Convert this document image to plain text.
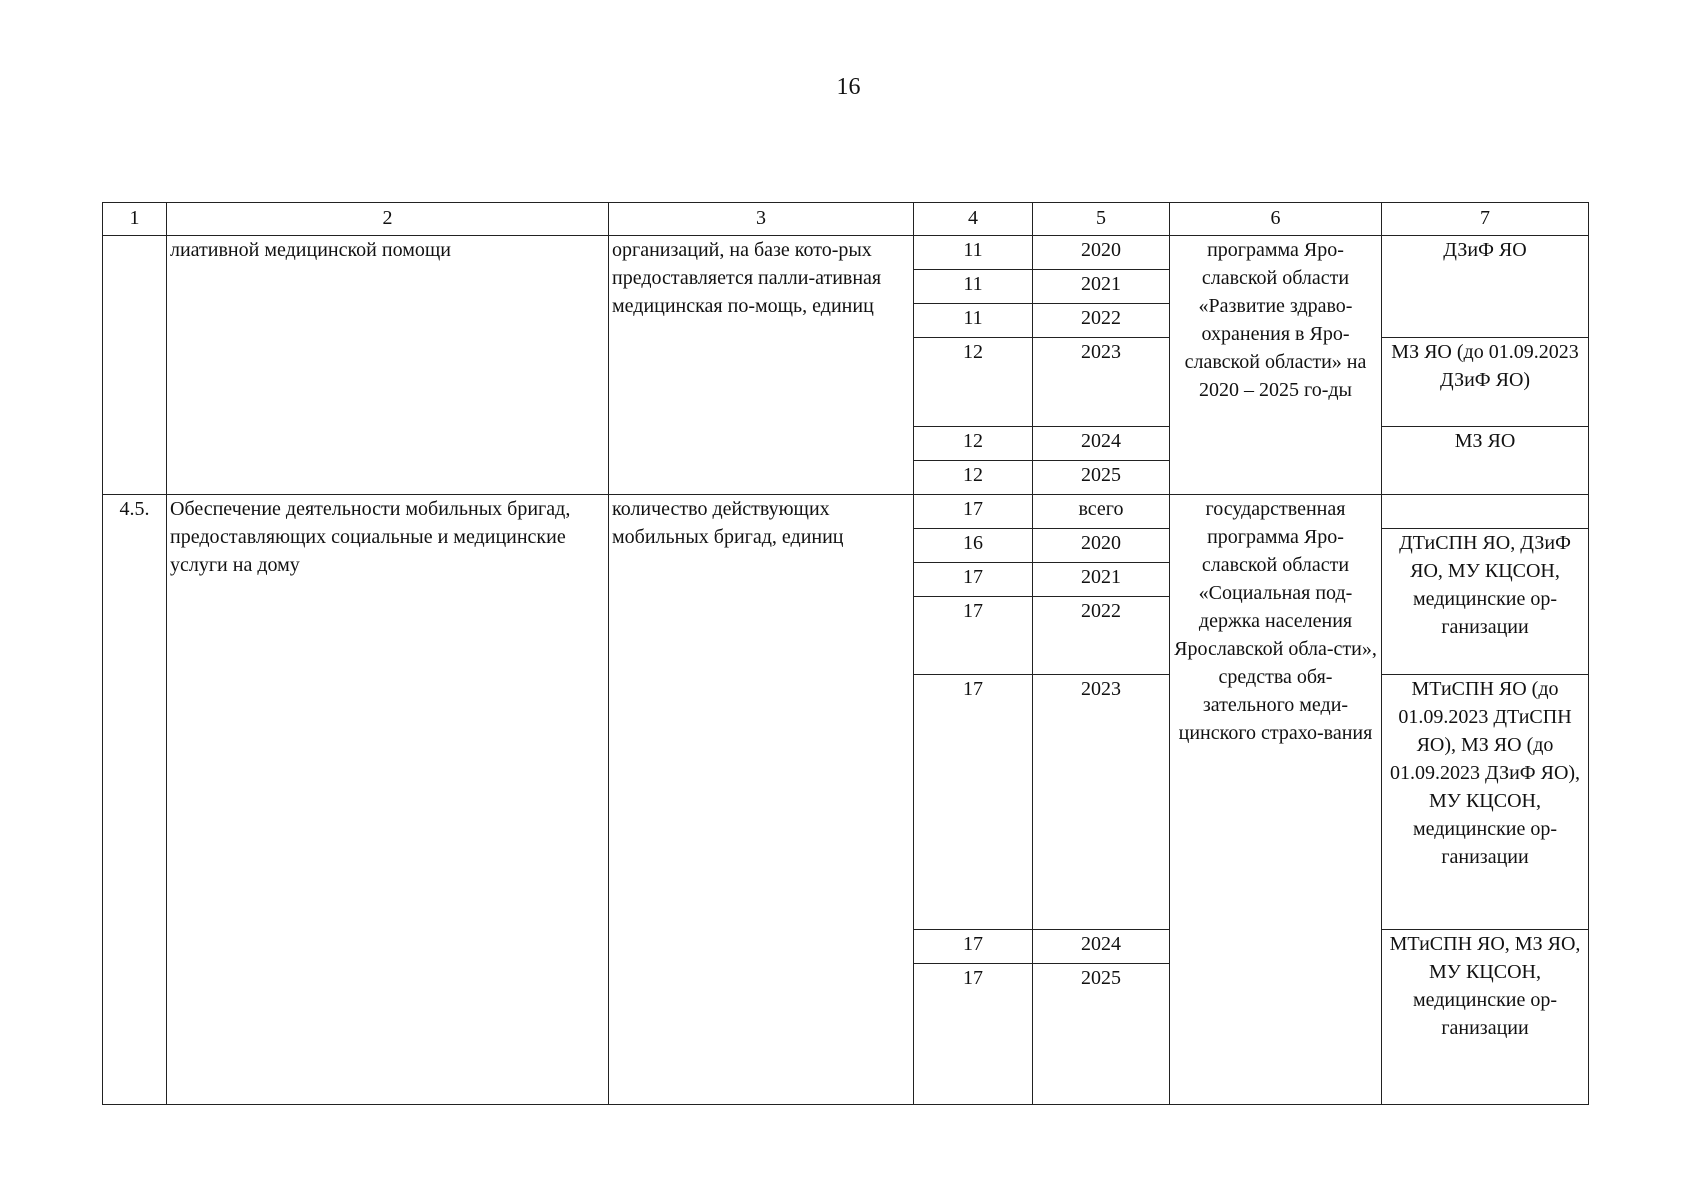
16
1	2	3	4	5	6	7
	лиативной медицинской помощи	организаций, на базе кото-рых предоставляется палли-ативная медицинская по-мощь, единиц	11	2020	программа Яро-славской области «Развитие здраво-охранения в Яро-славской области» на 2020 – 2025 го-ды	ДЗиФ ЯО
			11	2021		
			11	2022		
			12	2023		МЗ ЯО (до 01.09.2023 ДЗиФ ЯО)
			12	2024		МЗ ЯО
			12	2025		
4.5.	Обеспечение деятельности мобильных бригад, предоставляющих социальные и медицинские услуги на дому	количество действующих мобильных бригад, единиц	17	всего	государственная программа Яро-славской области «Социальная под-держка населения Ярославской обла-сти», средства обя-зательного меди-цинского страхо-вания	
			16	2020		ДТиСПН ЯО, ДЗиФ ЯО, МУ КЦСОН, медицинские ор-ганизации
			17	2021		
			17	2022		
			17	2023		МТиСПН ЯО (до 01.09.2023 ДТиСПН ЯО), МЗ ЯО (до 01.09.2023 ДЗиФ ЯО), МУ КЦСОН, медицинские ор-ганизации
			17	2024		МТиСПН ЯО, МЗ ЯО, МУ КЦСОН, медицинские ор-ганизации
			17	2025		
